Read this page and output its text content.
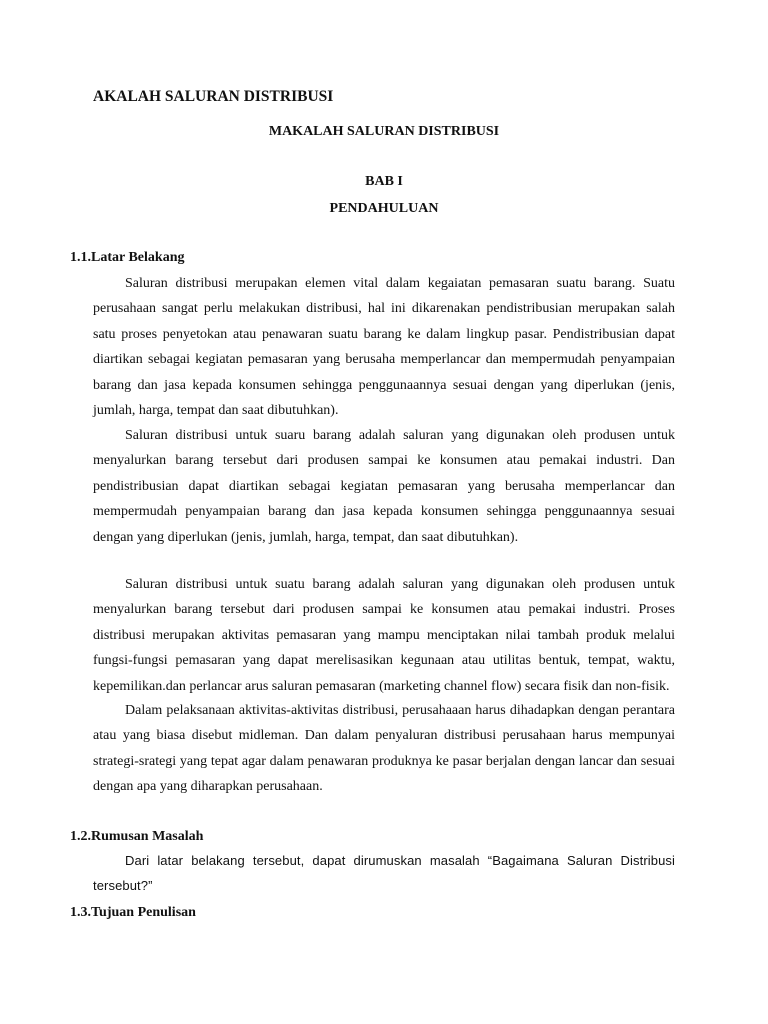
AKALAH SALURAN DISTRIBUSI
MAKALAH SALURAN DISTRIBUSI
BAB I
PENDAHULUAN
1.1.Latar Belakang

Saluran distribusi merupakan elemen vital dalam kegaiatan pemasaran suatu barang. Suatu perusahaan sangat perlu melakukan distribusi, hal ini dikarenakan pendistribusian merupakan salah satu proses penyetokan atau penawaran suatu barang ke dalam lingkup pasar. Pendistribusian dapat diartikan sebagai kegiatan pemasaran yang berusaha memperlancar dan mempermudah penyampaian barang dan jasa kepada konsumen sehingga penggunaannya sesuai dengan yang diperlukan (jenis, jumlah, harga, tempat dan saat dibutuhkan).

Saluran distribusi untuk suaru barang adalah saluran yang digunakan oleh produsen untuk menyalurkan barang tersebut dari produsen sampai ke konsumen atau pemakai industri. Dan pendistribusian dapat diartikan sebagai kegiatan pemasaran yang berusaha memperlancar dan mempermudah penyampaian barang dan jasa kepada konsumen sehingga penggunaannya sesuai dengan yang diperlukan (jenis, jumlah, harga, tempat, dan saat dibutuhkan).

Saluran distribusi untuk suatu barang adalah saluran yang digunakan oleh produsen untuk menyalurkan barang tersebut dari produsen sampai ke konsumen atau pemakai industri. Proses distribusi merupakan aktivitas pemasaran yang mampu menciptakan nilai tambah produk melalui fungsi-fungsi pemasaran yang dapat merelisasikan kegunaan atau utilitas bentuk, tempat, waktu, kepemilikan.dan perlancar arus saluran pemasaran (marketing channel flow) secara fisik dan non-fisik.

Dalam pelaksanaan aktivitas-aktivitas distribusi, perusahaaan harus dihadapkan dengan perantara atau yang biasa disebut midleman. Dan dalam penyaluran distribusi perusahaan harus mempunyai strategi-srategi yang tepat agar dalam penawaran produknya ke pasar berjalan dengan lancar dan sesuai dengan apa yang diharapkan perusahaan.

1.2.Rumusan Masalah

Dari latar belakang tersebut, dapat dirumuskan masalah “Bagaimana Saluran Distribusi tersebut?”

1.3.Tujuan Penulisan
